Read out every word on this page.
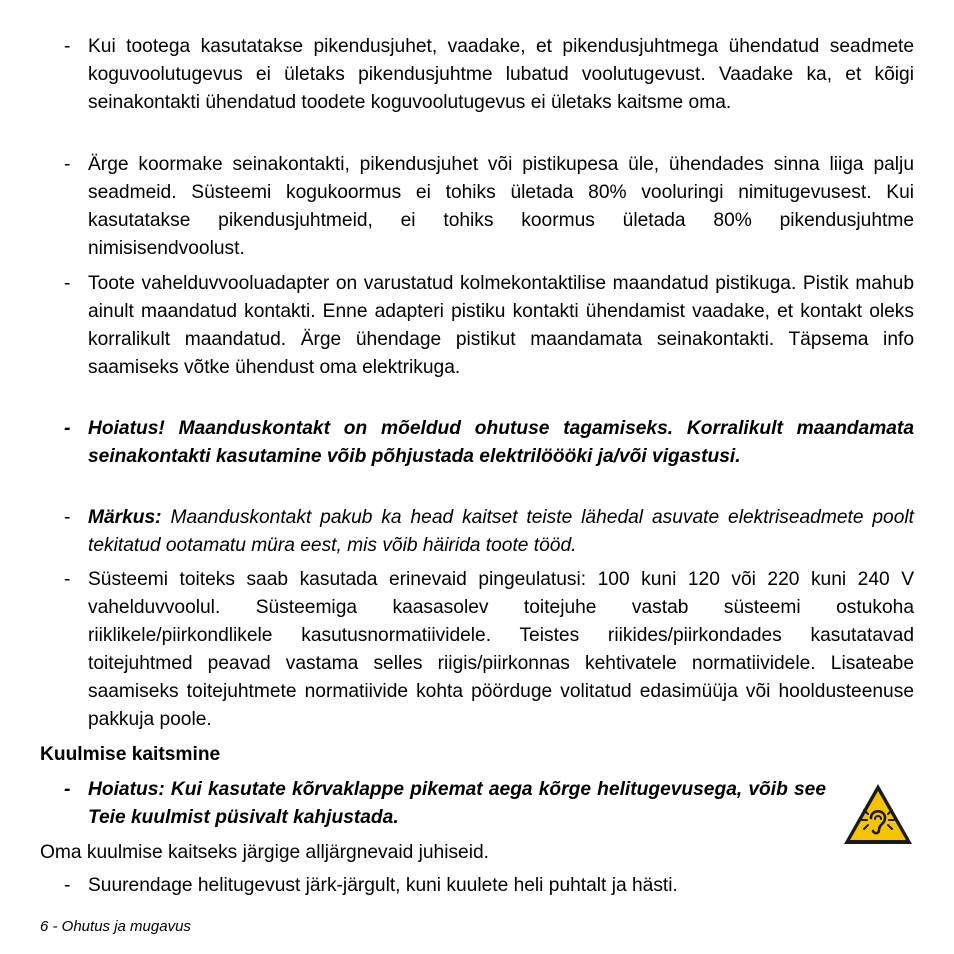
- Kui tootega kasutatakse pikendusjuhet, vaadake, et pikendusjuhtmega ühendatud seadmete koguvoolutugevus ei ületaks pikendusjuhtme lubatud voolutugevust. Vaadake ka, et kõigi seinakontakti ühendatud toodete koguvoolutugevus ei ületaks kaitsme oma.
- Ärge koormake seinakontakti, pikendusjuhet või pistikupesa üle, ühendades sinna liiga palju seadmeid. Süsteemi kogukoormus ei tohiks ületada 80% vooluringi nimitugevusest. Kui kasutatakse pikendusjuhtmeid, ei tohiks koormus ületada 80% pikendusjuhtme nimisisendvoolust.
- Toote vahelduvvooluadapter on varustatud kolmekontaktilise maandatud pistikuga. Pistik mahub ainult maandatud kontakti. Enne adapteri pistiku kontakti ühendamist vaadake, et kontakt oleks korralikult maandatud. Ärge ühendage pistikut maandamata seinakontakti. Täpsema info saamiseks võtke ühendust oma elektrikuga.
- Hoiatus! Maanduskontakt on mõeldud ohutuse tagamiseks. Korralikult maandamata seinakontakti kasutamine võib põhjustada elektrilöööki ja/või vigastusi.
- Märkus: Maanduskontakt pakub ka head kaitset teiste lähedal asuvate elektriseadmete poolt tekitatud ootamatu müra eest, mis võib häirida toote tööd.
- Süsteemi toiteks saab kasutada erinevaid pingeulatusi: 100 kuni 120 või 220 kuni 240 V vahelduvvoolul. Süsteemiga kaasasolev toitejuhe vastab süsteemi ostukoha riiklikele/piirkondlikele kasutusnormatiividele. Teistes riikides/piirkondades kasutatavad toitejuhtmed peavad vastama selles riigis/piirkonnas kehtivatele normatiividele. Lisateabe saamiseks toitejuhtmete normatiivide kohta pöörduge volitatud edasimüüja või hooldusteenuse pakkuja poole.
Kuulmise kaitsmine
- Hoiatus: Kui kasutate kõrvaklappe pikemat aega kõrge helitugevusega, võib see Teie kuulmist püsivalt kahjustada.
Oma kuulmise kaitseks järgige alljärgnevaid juhiseid.
- Suurendage helitugevust järk-järgult, kuni kuulete heli puhtalt ja hästi.
6 - Ohutus ja mugavus
